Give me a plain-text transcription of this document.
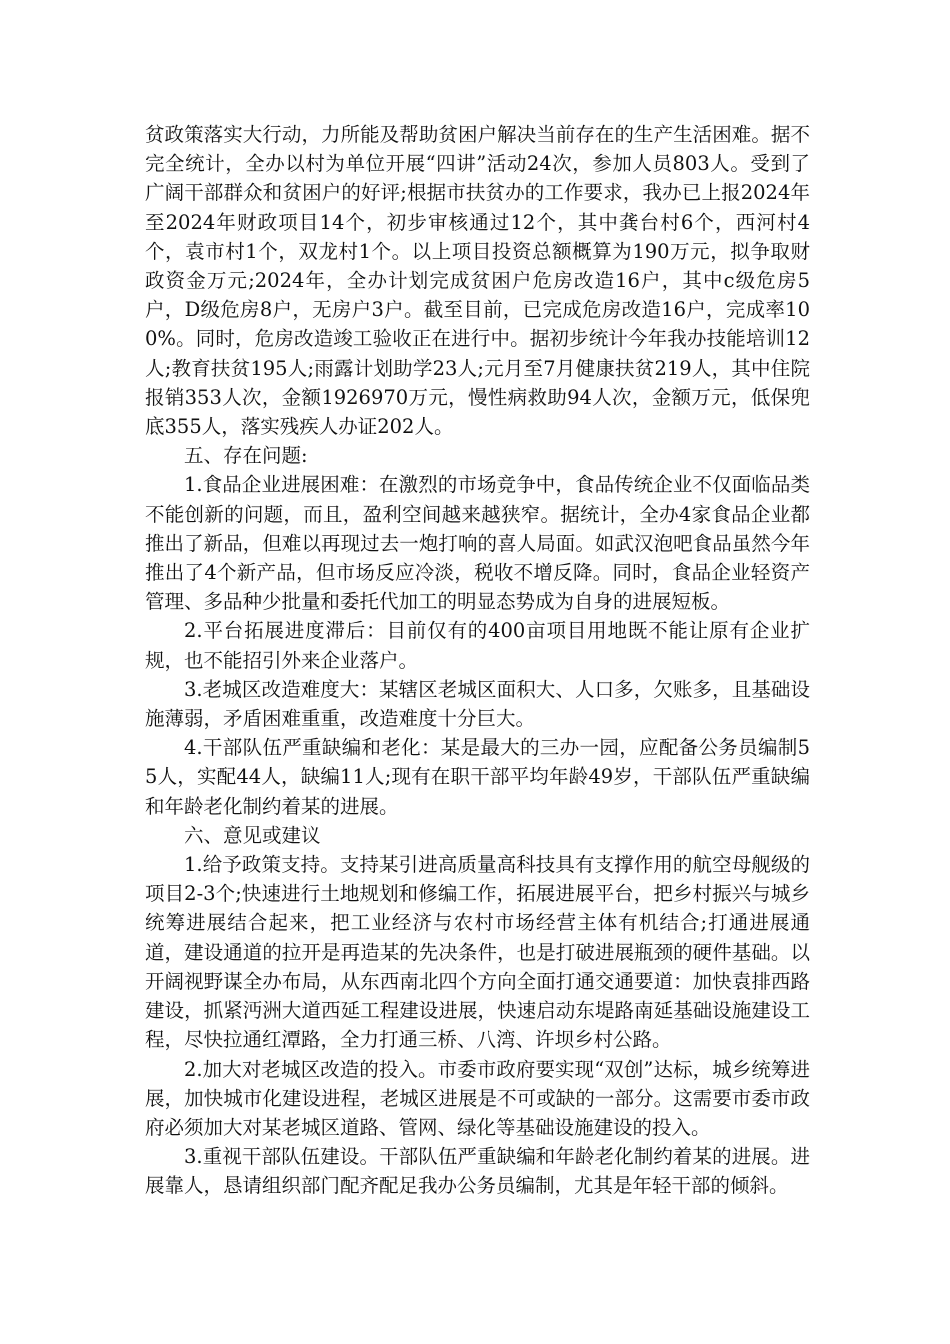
贫政策落实大行动，力所能及帮助贫困户解决当前存在的生产生活困难。据不完全统计，全办以村为单位开展“四讲”活动24次，参加人员803人。受到了广阔干部群众和贫困户的好评;根据市扶贫办的工作要求，我办已上报2024年至2024年财政项目14个，初步审核通过12个，其中龚台村6个，西河村4个，袁市村1个，双龙村1个。以上项目投资总额概算为190万元，拟争取财政资金万元;2024年，全办计划完成贫困户危房改造16户，其中c级危房5户，D级危房8户，无房户3户。截至目前，已完成危房改造16户，完成率100%。同时，危房改造竣工验收正在进行中。据初步统计今年我办技能培训12人;教育扶贫195人;雨露计划助学23人;元月至7月健康扶贫219人，其中住院报销353人次，金额1926970万元，慢性病救助94人次，金额万元，低保兜底355人，落实残疾人办证202人。

五、存在问题:

1.食品企业进展困难：在激烈的市场竞争中，食品传统企业不仅面临品类不能创新的问题，而且，盈利空间越来越狭窄。据统计，全办4家食品企业都推出了新品，但难以再现过去一炮打响的喜人局面。如武汉泡吧食品虽然今年推出了4个新产品，但市场反应冷淡，税收不增反降。同时，食品企业轻资产管理、多品种少批量和委托代加工的明显态势成为自身的进展短板。

2.平台拓展进度滞后：目前仅有的400亩项目用地既不能让原有企业扩规，也不能招引外来企业落户。

3.老城区改造难度大：某辖区老城区面积大、人口多，欠账多，且基础设施薄弱，矛盾困难重重，改造难度十分巨大。

4.干部队伍严重缺编和老化：某是最大的三办一园，应配备公务员编制55人，实配44人，缺编11人;现有在职干部平均年龄49岁，干部队伍严重缺编和年龄老化制约着某的进展。

六、意见或建议

1.给予政策支持。支持某引进高质量高科技具有支撑作用的航空母舰级的项目2-3个;快速进行土地规划和修编工作，拓展进展平台，把乡村振兴与城乡统筹进展结合起来，把工业经济与农村市场经营主体有机结合;打通进展通道，建设通道的拉开是再造某的先决条件，也是打破进展瓶颈的硬件基础。以开阔视野谋全办布局，从东西南北四个方向全面打通交通要道：加快袁排西路建设，抓紧沔洲大道西延工程建设进展，快速启动东堤路南延基础设施建设工程，尽快拉通红潭路，全力打通三桥、八湾、许坝乡村公路。

2.加大对老城区改造的投入。市委市政府要实现“双创”达标，城乡统筹进展，加快城市化建设进程，老城区进展是不可或缺的一部分。这需要市委市政府必须加大对某老城区道路、管网、绿化等基础设施建设的投入。

3.重视干部队伍建设。干部队伍严重缺编和年龄老化制约着某的进展。进展靠人，恳请组织部门配齐配足我办公务员编制，尤其是年轻干部的倾斜。
